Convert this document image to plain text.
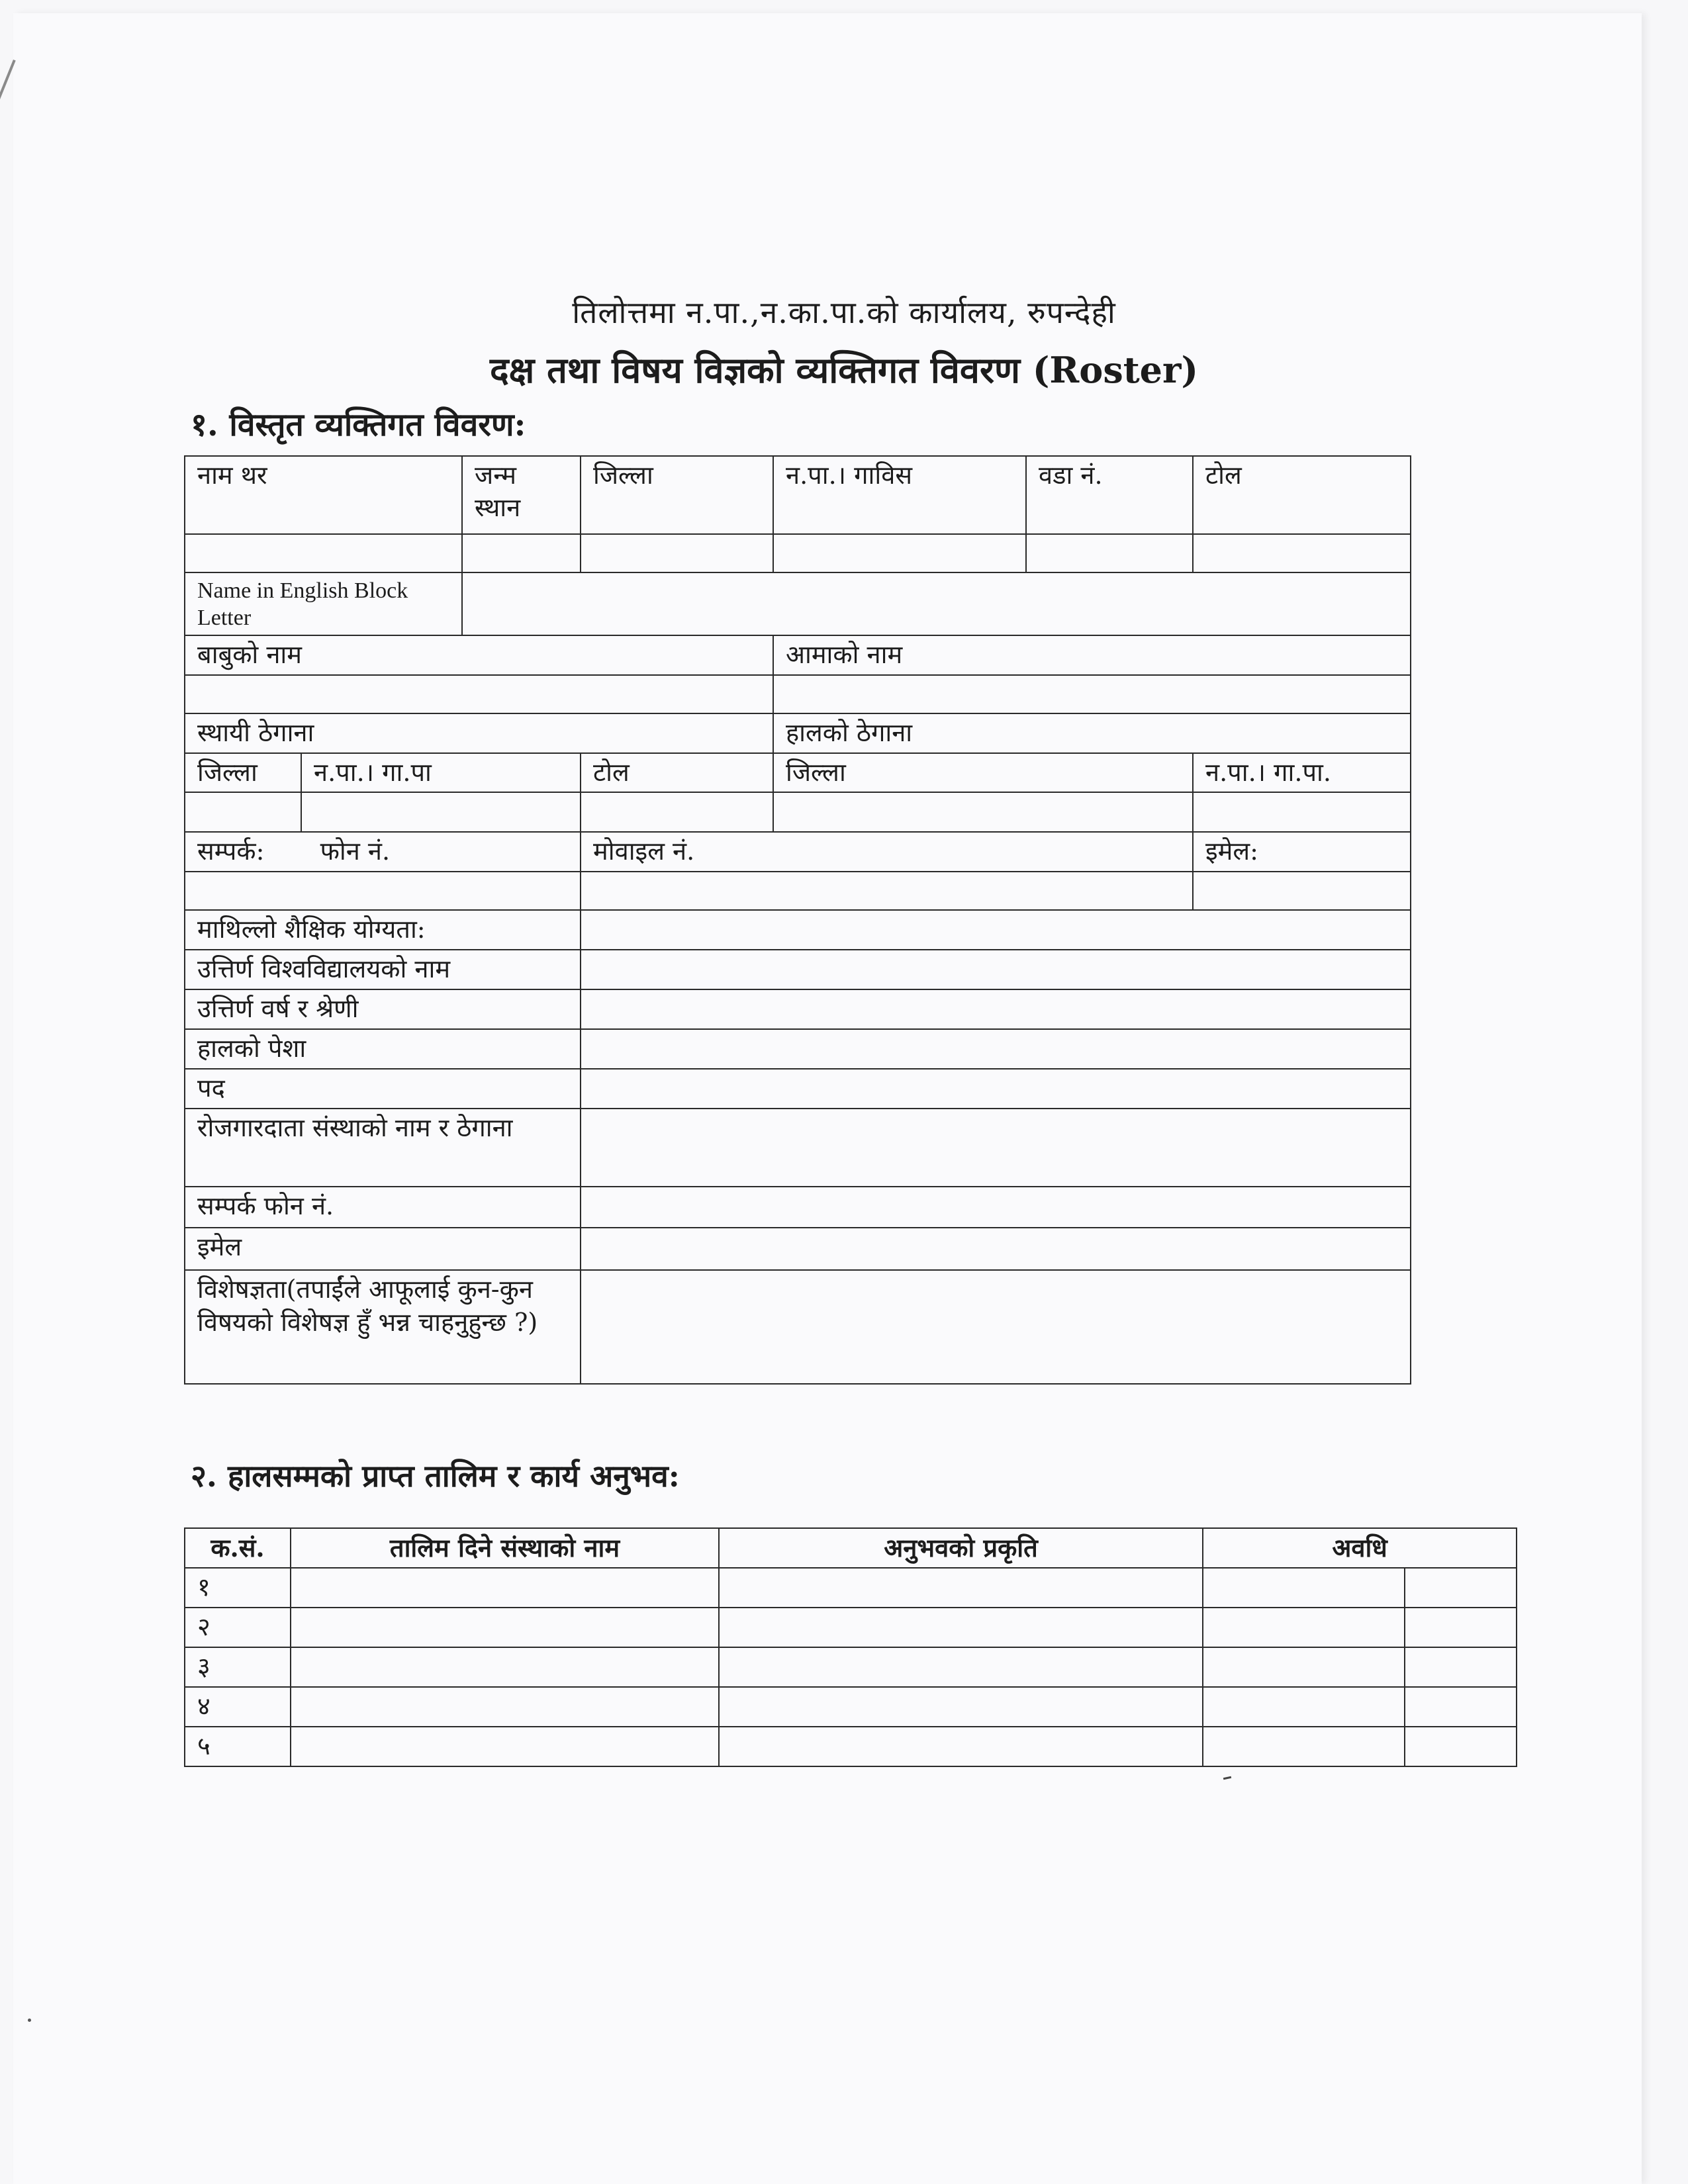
तिलोत्तमा न.पा.,न.का.पा.को कार्यालय, रुपन्देही
दक्ष तथा विषय विज्ञको व्यक्तिगत विवरण (Roster)
१. विस्तृत व्यक्तिगत विवरण:
नाम थर		जन्म स्थान	जिल्ला	न.पा.। गाविस	वडा नं.	टोल

Name in English Block Letter						
बाबुको नाम				आमाको नाम		

स्थायी ठेगाना				हालको ठेगाना		
जिल्ला	न.पा.। गा.पा		टोल	जिल्ला		न.पा.। गा.पा.

सम्पर्क: फोन नं.			मोवाइल नं.			इमेल:

माथिल्लो शैक्षिक योग्यता:						
उत्तिर्ण विश्वविद्यालयको नाम						
उत्तिर्ण वर्ष र श्रेणी						
हालको पेशा						
पद						
रोजगारदाता संस्थाको नाम र ठेगाना						
सम्पर्क फोन नं.						
इमेल						
विशेषज्ञता(तपाईंले आफूलाई कुन-कुन विषयको विशेषज्ञ हुँ भन्न चाहनुहुन्छ ?)						
२. हालसम्मको प्राप्त तालिम र कार्य अनुभव:
क.सं.	तालिम दिने संस्थाको नाम	अनुभवको प्रकृति	अवधि	
१				
२				
३				
४				
५				
